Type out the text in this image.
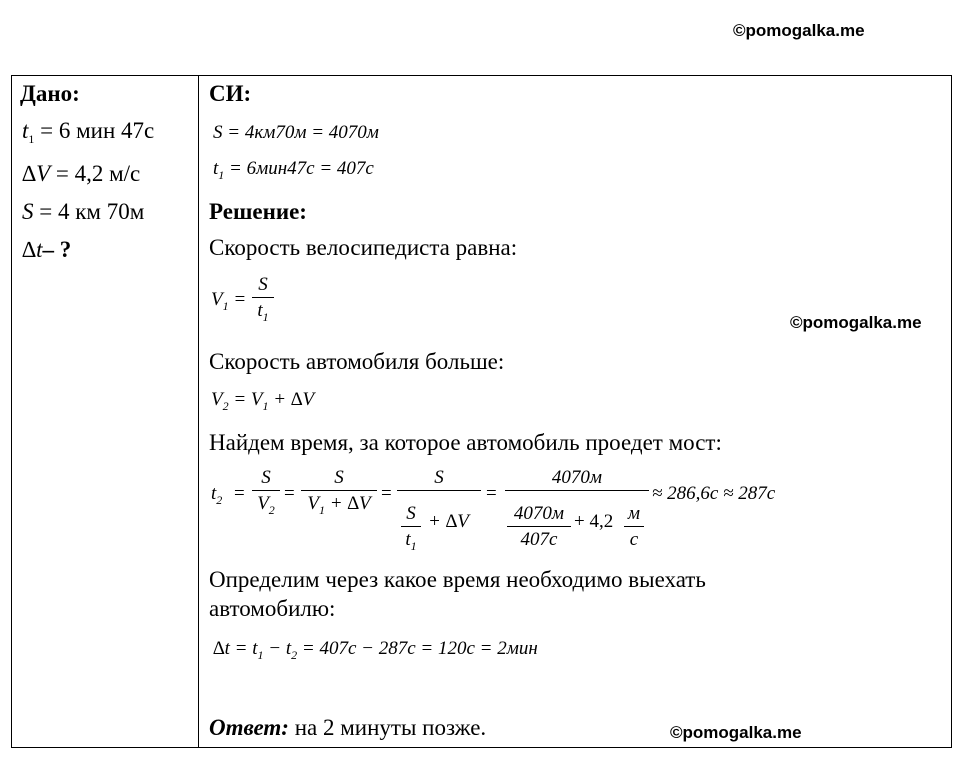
©pomogalka.me
©pomogalka.me
©pomogalka.me
Дано:
$t_1 = 6$ мин 47с
∆V = 4,2 м/с
S = 4 км 70м
∆t– ?
СИ:
S = 4км70м = 4070м
$t_1 = 6мин47с = 407с$
Решение:
Скорость велосипедиста равна:
$V_1$ =
S
$t_1$
Скорость автомобиля больше:
$V_2 = V_1 + \Delta V$
Найдем время, за которое автомобиль проедет мост:
$t_2$ =
S
$V_2$
=
S
$V_1 + \Delta V$ =
S
S
$t_1$
+ ∆V
=
4070м
4070м
407с
+ 4,2 м
с
≈ 286,6с ≈ 287с
Определим через какое время необходимо выехать
автомобилю:
$\Delta t = t_1 - t_2 = 407с - 287с = 120с = 2мин$
Ответ: на 2 минуты позже.
